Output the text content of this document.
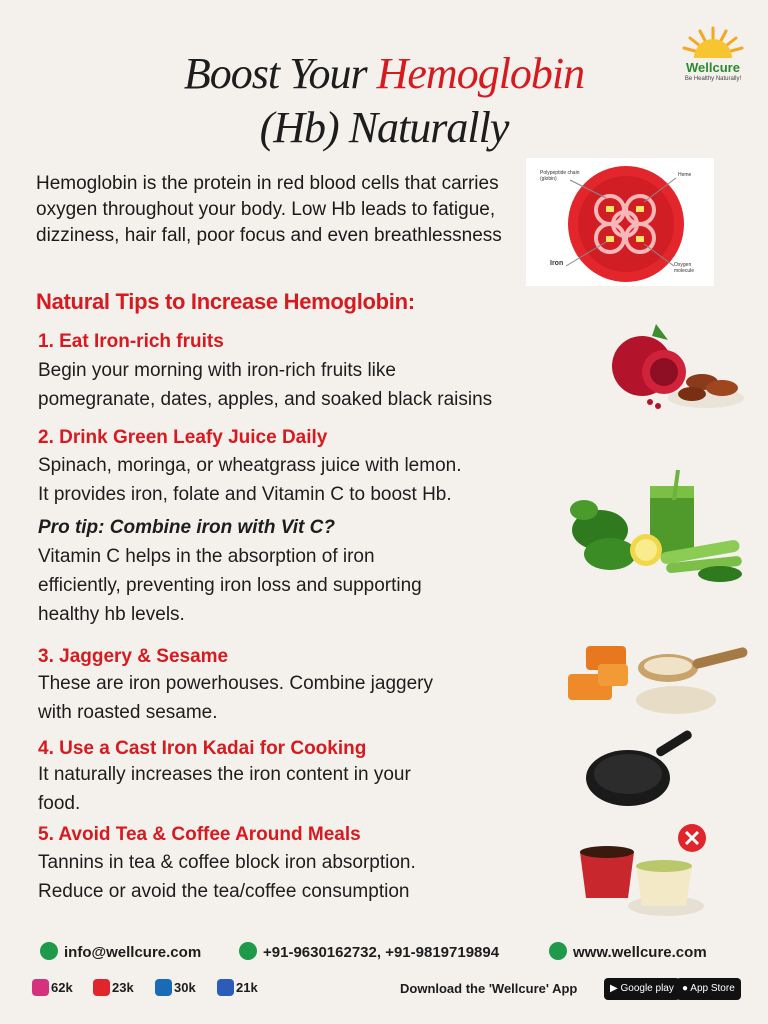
Boost Your Hemoglobin
(Hb) Naturally
Wellcure
Be Healthy Naturally!
Hemoglobin is the protein in red blood cells that carries oxygen throughout your body. Low Hb leads to fatigue, dizziness, hair fall, poor focus and even breathlessness
Polypeptide chain (globin)
Heme
Iron	Oxygen molecule
Natural Tips to Increase Hemoglobin:
1. Eat Iron-rich fruits
Begin your morning with iron-rich fruits like
pomegranate, dates, apples, and soaked black raisins
2. Drink Green Leafy Juice Daily
Spinach, moringa, or wheatgrass juice with lemon.
It provides iron, folate and Vitamin C to boost Hb.
Pro tip: Combine iron with Vit C?
Vitamin C helps in the absorption of iron
efficiently, preventing iron loss and supporting
healthy hb levels.
3. Jaggery & Sesame
These are iron powerhouses. Combine jaggery
with roasted sesame.
4. Use a Cast Iron Kadai for Cooking
It naturally increases the iron content in your
food.
5. Avoid Tea & Coffee Around Meals
Tannins in tea & coffee block iron absorption.
Reduce or avoid the tea/coffee consumption
info@wellcure.com	+91-9630162732, +91-9819719894	www.wellcure.com
62k	23k	30k	21k	Download the 'Wellcure' App	▶ Google play ● App Store
